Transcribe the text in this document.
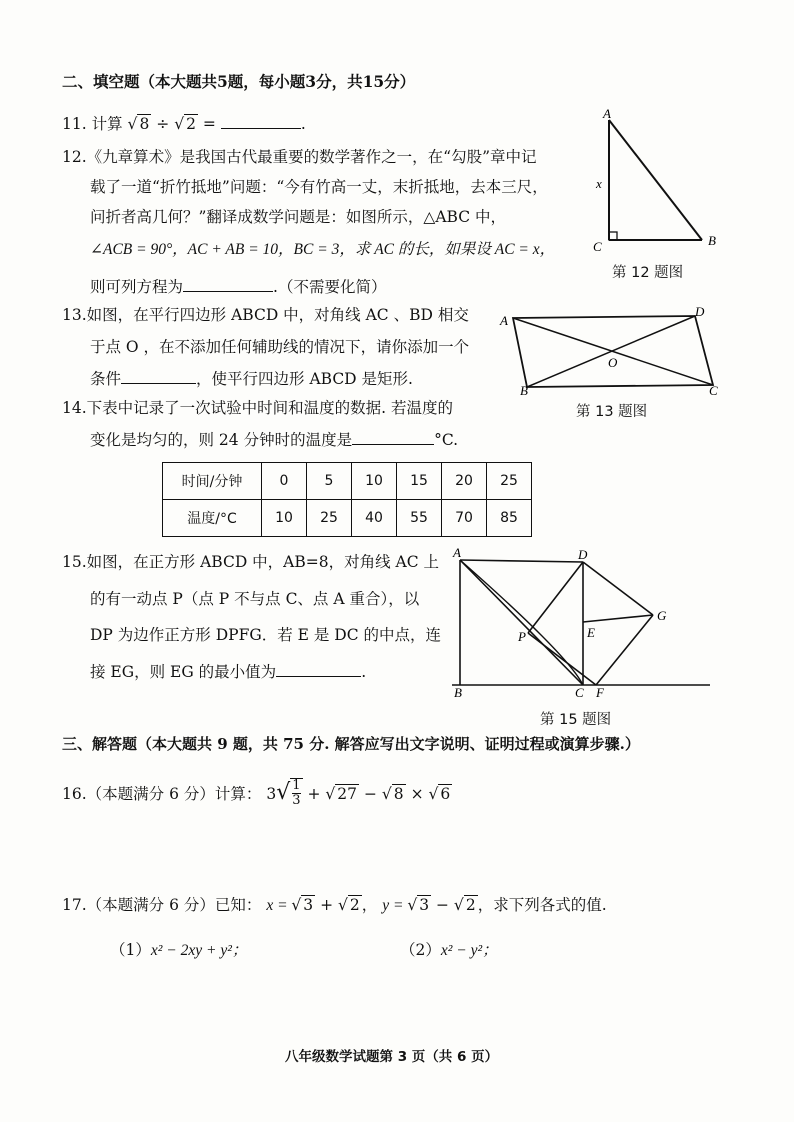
二、填空题（本大题共5题，每小题3分，共15分）
11. 计算 √ 8 ÷ √ 2 =	.
12.《九章算术》是我国古代最重要的数学著作之一，在“勾股”章中记
载了一道“折竹抵地”问题：“今有竹高一丈，末折抵地，去本三尺，
问折者高几何？”翻译成数学问题是：如图所示，△ABC 中，
∠ACB = 90°，AC + AB = 10，BC = 3，求 AC 的长，如果设 AC = x，
则可列方程为	.（不需要化简）
A
x
C	B
第 12 题图
13.如图，在平行四边形 ABCD 中，对角线 AC 、BD 相交
于点 O ，在不添加任何辅助线的情况下，请你添加一个
条件	，使平行四边形 ABCD 是矩形.
A
D
B	C
O
第 13 题图
14.下表中记录了一次试验中时间和温度的数据. 若温度的
变化是均匀的，则 24 分钟时的温度是	°C.
时间/分钟	0	5	10	15	20	25
温度/°C	10	25	40	55	70	85
15.如图，在正方形 ABCD 中，AB=8，对角线 AC 上
的有一动点 P（点 P 不与点 C、点 A 重合），以
DP 为边作正方形 DPFG．若 E 是 DC 的中点，连
接 EG，则 EG 的最小值为	.
A	D
G
E
P
B	C F
第 15 题图
三、解答题（本大题共 9 题，共 75 分. 解答应写出文字说明、证明过程或演算步骤.）
16.（本题满分 6 分）计算： $3√ \frac{1}{3}$ + √ 27 − √ 8 × √ 6
17.（本题满分 6 分）已知： x = √ 3 + √ 2 ， y = √ 3 − √ 2 ，求下列各式的值.
（1）x² − 2xy + y²；	（2）x² − y²；
八年级数学试题第 3 页（共 6 页）
